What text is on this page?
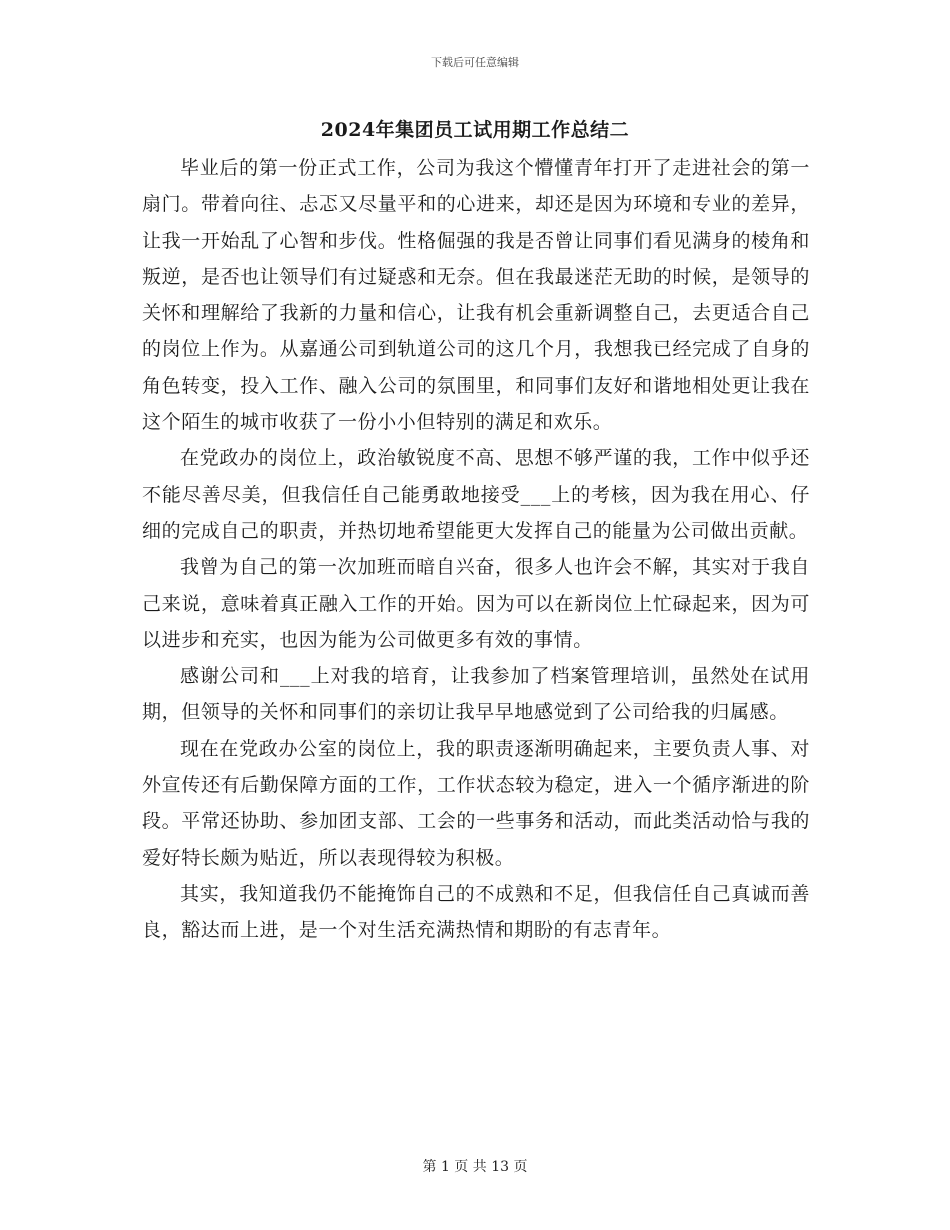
下载后可任意编辑
2024年集团员工试用期工作总结二

毕业后的第一份正式工作，公司为我这个懵懂青年打开了走进社会的第一扇门。带着向往、忐忑又尽量平和的心进来，却还是因为环境和专业的差异，让我一开始乱了心智和步伐。性格倔强的我是否曾让同事们看见满身的棱角和叛逆，是否也让领导们有过疑惑和无奈。但在我最迷茫无助的时候，是领导的关怀和理解给了我新的力量和信心，让我有机会重新调整自己，去更适合自己的岗位上作为。从嘉通公司到轨道公司的这几个月，我想我已经完成了自身的角色转变，投入工作、融入公司的氛围里，和同事们友好和谐地相处更让我在这个陌生的城市收获了一份小小但特别的满足和欢乐。

在党政办的岗位上，政治敏锐度不高、思想不够严谨的我，工作中似乎还不能尽善尽美，但我信任自己能勇敢地接受___上的考核，因为我在用心、仔细的完成自己的职责，并热切地希望能更大发挥自己的能量为公司做出贡献。

我曾为自己的第一次加班而暗自兴奋，很多人也许会不解，其实对于我自己来说，意味着真正融入工作的开始。因为可以在新岗位上忙碌起来，因为可以进步和充实，也因为能为公司做更多有效的事情。

感谢公司和___上对我的培育，让我参加了档案管理培训，虽然处在试用期，但领导的关怀和同事们的亲切让我早早地感觉到了公司给我的归属感。

现在在党政办公室的岗位上，我的职责逐渐明确起来，主要负责人事、对外宣传还有后勤保障方面的工作，工作状态较为稳定，进入一个循序渐进的阶段。平常还协助、参加团支部、工会的一些事务和活动，而此类活动恰与我的爱好特长颇为贴近，所以表现得较为积极。

其实，我知道我仍不能掩饰自己的不成熟和不足，但我信任自己真诚而善良，豁达而上进，是一个对生活充满热情和期盼的有志青年。

第 1 页 共 13 页
